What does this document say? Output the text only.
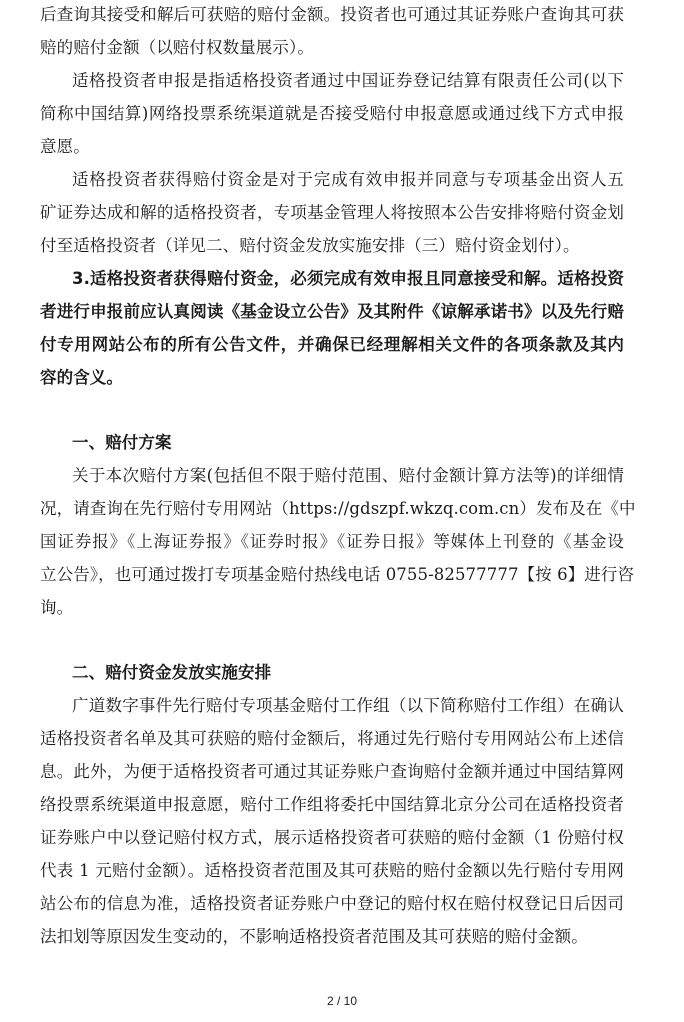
后查询其接受和解后可获赔的赔付金额。投资者也可通过其证券账户查询其可获
赔的赔付金额（以赔付权数量展示）。
适格投资者申报是指适格投资者通过中国证券登记结算有限责任公司(以下
简称中国结算)网络投票系统渠道就是否接受赔付申报意愿或通过线下方式申报
意愿。
适格投资者获得赔付资金是对于完成有效申报并同意与专项基金出资人五
矿证券达成和解的适格投资者，专项基金管理人将按照本公告安排将赔付资金划
付至适格投资者（详见二、赔付资金发放实施安排（三）赔付资金划付）。
3.适格投资者获得赔付资金，必须完成有效申报且同意接受和解。适格投资
者进行申报前应认真阅读《基金设立公告》及其附件《谅解承诺书》以及先行赔
付专用网站公布的所有公告文件，并确保已经理解相关文件的各项条款及其内
容的含义。
一、赔付方案
关于本次赔付方案(包括但不限于赔付范围、赔付金额计算方法等)的详细情
况，请查询在先行赔付专用网站（https://gdszpf.wkzq.com.cn）发布及在《中
国证券报》《上海证券报》《证券时报》《证券日报》等媒体上刊登的《基金设
立公告》，也可通过拨打专项基金赔付热线电话 0755-82577777【按 6】进行咨
询。
二、赔付资金发放实施安排
广道数字事件先行赔付专项基金赔付工作组（以下简称赔付工作组）在确认
适格投资者名单及其可获赔的赔付金额后，将通过先行赔付专用网站公布上述信
息。此外，为便于适格投资者可通过其证券账户查询赔付金额并通过中国结算网
络投票系统渠道申报意愿，赔付工作组将委托中国结算北京分公司在适格投资者
证券账户中以登记赔付权方式，展示适格投资者可获赔的赔付金额（1 份赔付权
代表 1 元赔付金额）。适格投资者范围及其可获赔的赔付金额以先行赔付专用网
站公布的信息为准，适格投资者证券账户中登记的赔付权在赔付权登记日后因司
法扣划等原因发生变动的，不影响适格投资者范围及其可获赔的赔付金额。
2 / 10
